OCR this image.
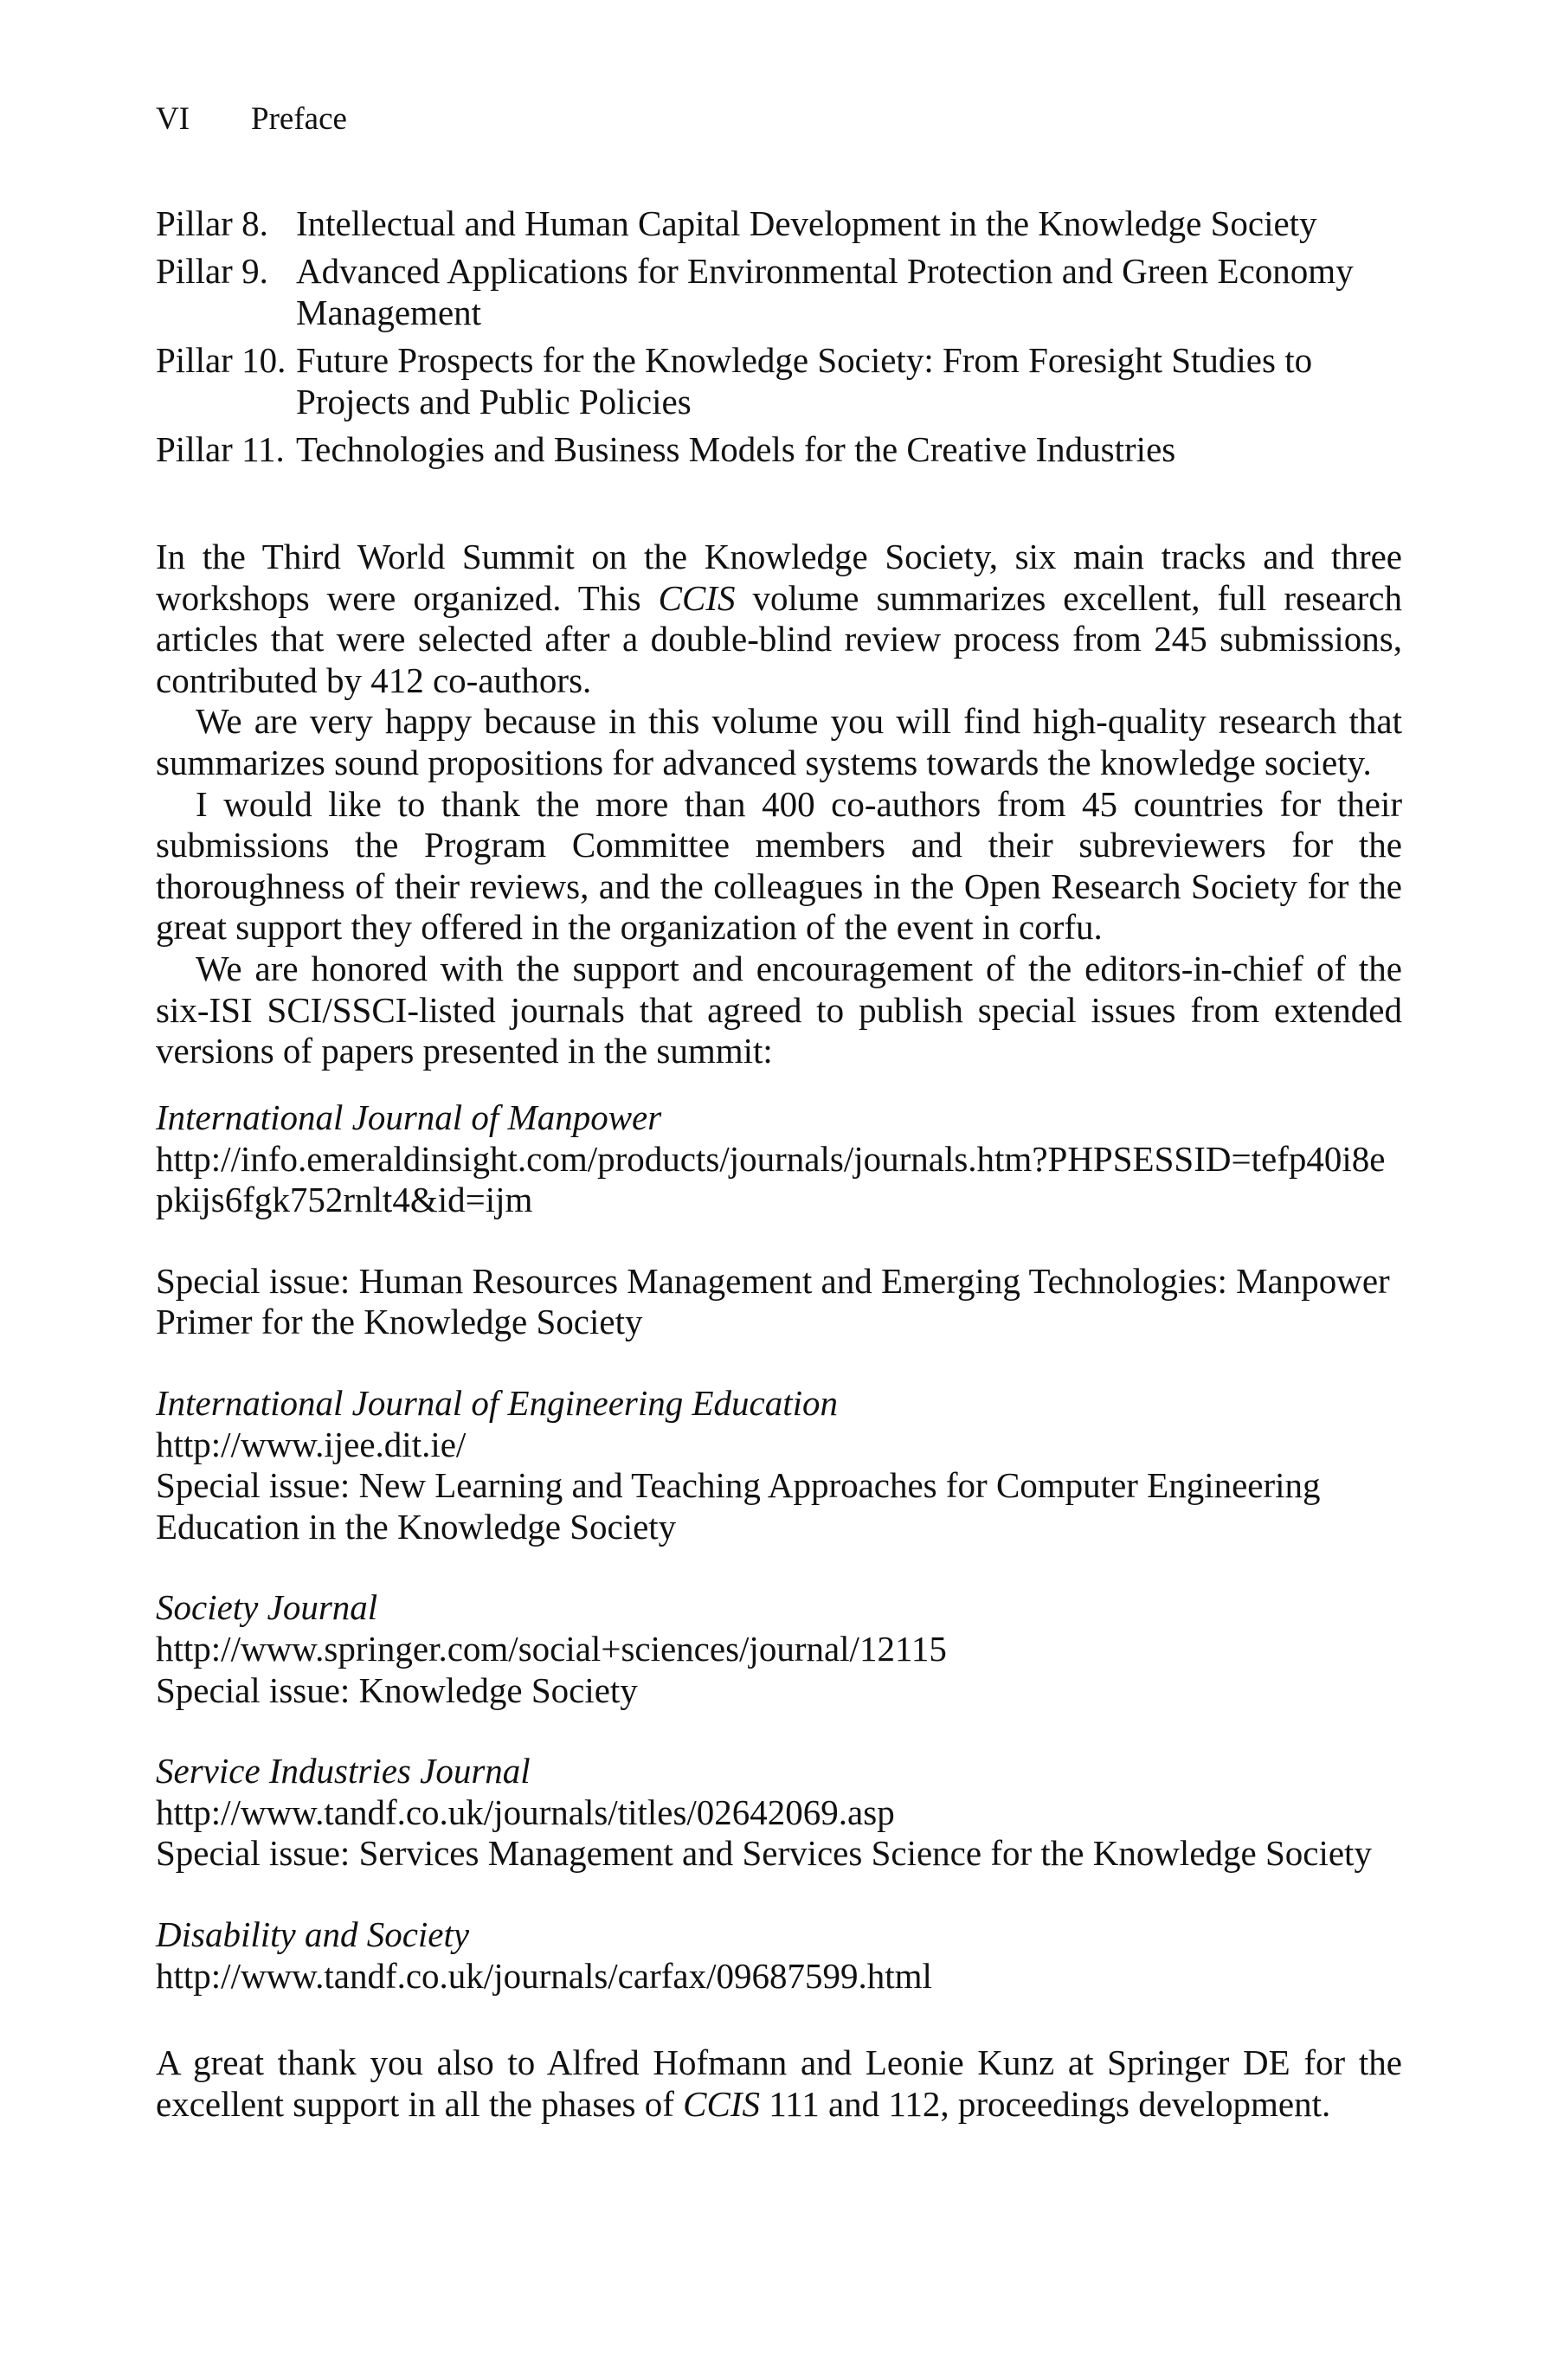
VI Preface
Pillar 8. Intellectual and Human Capital Development in the Knowledge Society
Pillar 9. Advanced Applications for Environmental Protection and Green Economy Management
Pillar 10. Future Prospects for the Knowledge Society: From Foresight Studies to Projects and Public Policies
Pillar 11. Technologies and Business Models for the Creative Industries

In the Third World Summit on the Knowledge Society, six main tracks and three workshops were organized. This CCIS volume summarizes excellent, full research articles that were selected after a double-blind review process from 245 submissions, contributed by 412 co-authors.

We are very happy because in this volume you will find high-quality research that summarizes sound propositions for advanced systems towards the knowledge society.

I would like to thank the more than 400 co-authors from 45 countries for their submissions the Program Committee members and their subreviewers for the thoroughness of their reviews, and the colleagues in the Open Research Society for the great support they offered in the organization of the event in corfu.

We are honored with the support and encouragement of the editors-in-chief of the six-ISI SCI/SSCI-listed journals that agreed to publish special issues from extended versions of papers presented in the summit:

International Journal of Manpower
http://info.emeraldinsight.com/products/journals/journals.htm?PHPSESSID=tefp40i8epkijs6fgk752rnlt4&id=ijm
Special issue: Human Resources Management and Emerging Technologies: Manpower Primer for the Knowledge Society
International Journal of Engineering Education
http://www.ijee.dit.ie/
Special issue: New Learning and Teaching Approaches for Computer Engineering Education in the Knowledge Society
Society Journal
http://www.springer.com/social+sciences/journal/12115
Special issue: Knowledge Society
Service Industries Journal
http://www.tandf.co.uk/journals/titles/02642069.asp
Special issue: Services Management and Services Science for the Knowledge Society
Disability and Society
http://www.tandf.co.uk/journals/carfax/09687599.html

A great thank you also to Alfred Hofmann and Leonie Kunz at Springer DE for the excellent support in all the phases of CCIS 111 and 112, proceedings development.
